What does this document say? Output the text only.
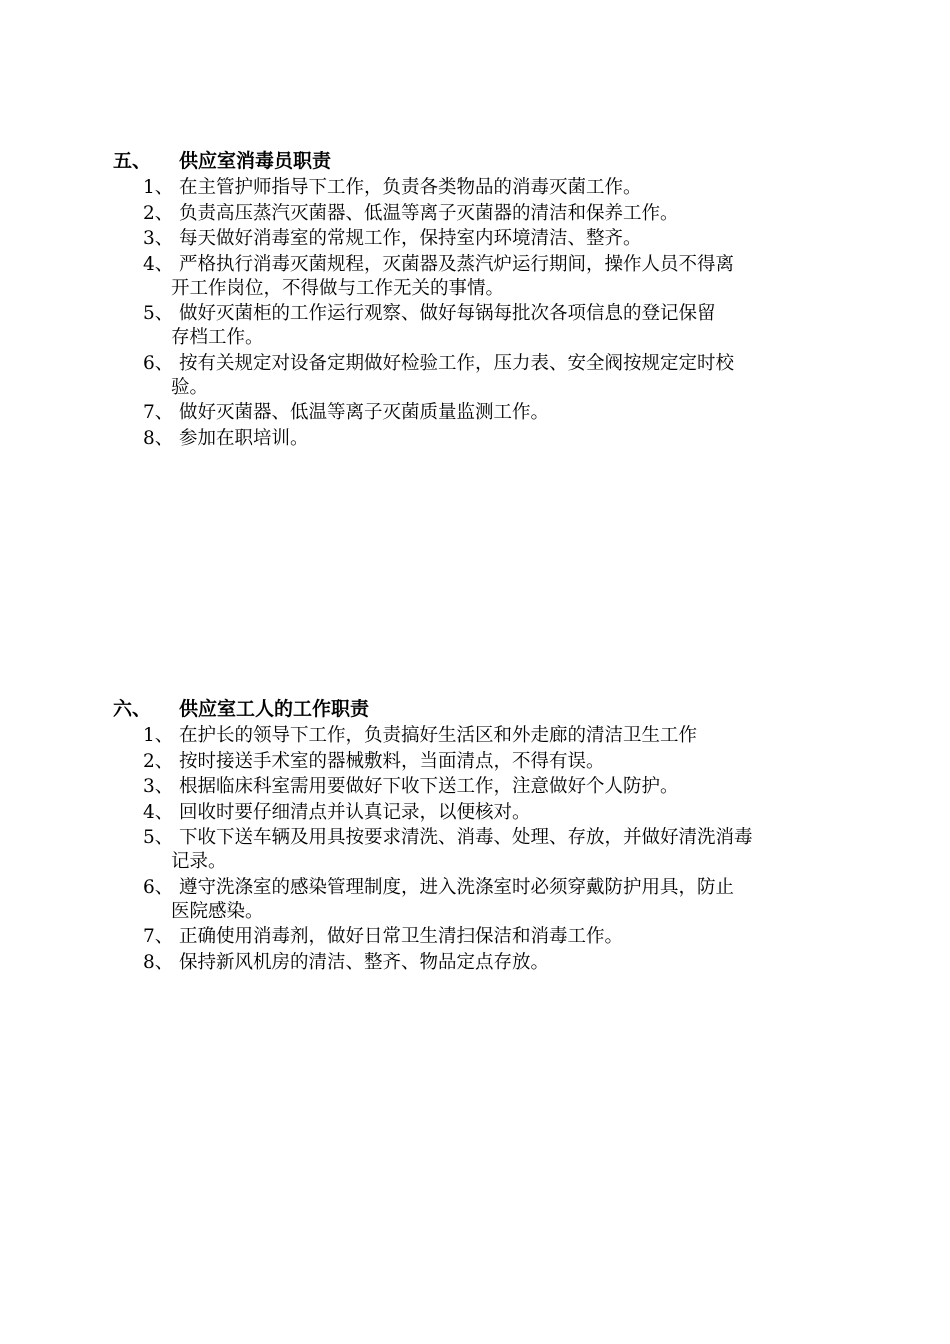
五、	供应室消毒员职责
1、 在主管护师指导下工作，负责各类物品的消毒灭菌工作。
2、 负责高压蒸汽灭菌器、低温等离子灭菌器的清洁和保养工作。
3、 每天做好消毒室的常规工作，保持室内环境清洁、整齐。
4、 严格执行消毒灭菌规程，灭菌器及蒸汽炉运行期间，操作人员不得离
开工作岗位，不得做与工作无关的事情。
5、 做好灭菌柜的工作运行观察、做好每锅每批次各项信息的登记保留
存档工作。
6、 按有关规定对设备定期做好检验工作，压力表、安全阀按规定定时校
验。
7、 做好灭菌器、低温等离子灭菌质量监测工作。
8、 参加在职培训。
六、	供应室工人的工作职责
1、 在护长的领导下工作，负责搞好生活区和外走廊的清洁卫生工作
2、 按时接送手术室的器械敷料，当面清点，不得有误。
3、 根据临床科室需用要做好下收下送工作，注意做好个人防护。
4、 回收时要仔细清点并认真记录，以便核对。
5、 下收下送车辆及用具按要求清洗、消毒、处理、存放，并做好清洗消毒
记录。
6、 遵守洗涤室的感染管理制度，进入洗涤室时必须穿戴防护用具，防止
医院感染。
7、 正确使用消毒剂，做好日常卫生清扫保洁和消毒工作。
8、 保持新风机房的清洁、整齐、物品定点存放。
